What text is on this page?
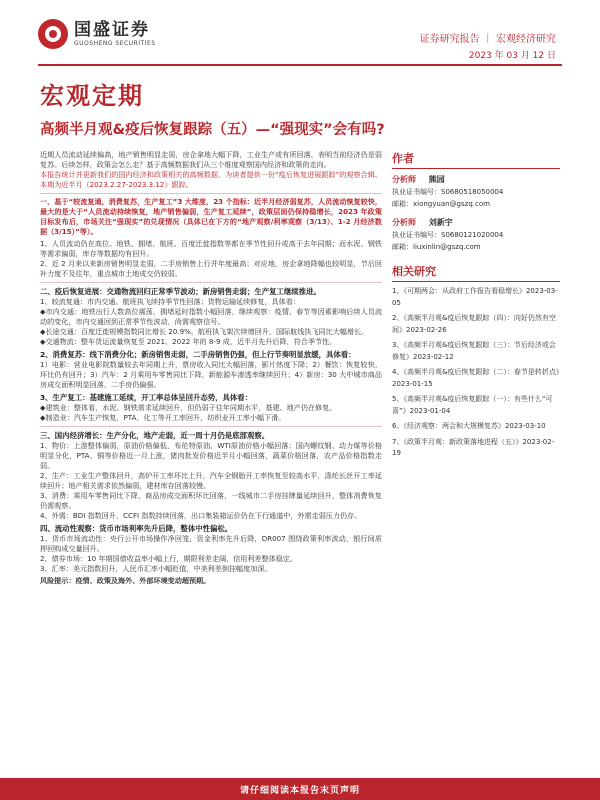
国盛证券
GUOSHENG SECURITIES	证券研究报告 ｜ 宏观经济研究
2023 年 03 月 12 日
宏观定期
高频半月观&疫后恢复跟踪（五）—“强现实”会有吗?
近期人员流动延续偏高，地产销售明显走弱，房企拿地大幅下降，工业生产或有所回落，表明当前经济仍是弱复苏。后续怎样，政策会怎么走？基于高频数据我们从三个维度观察国内经济和政策的走向。
本报告统计并更新我们的国内经济和政策相关的高频数据，为读者提供一份“疫后恢复进展跟踪”的观察合辑。本期为近半月（2023.2.27-2023.3.12）跟踪。
一、基于“较流复通，消费复苏，生产复工”3 大维度，23 个指标：近半月经济弱复苏，人员流动恢复较快，最大的是大于“人员流动持续恢复，地产销售偏弱，生产复工延续”，政策层面仍保持稳增长，2023 年政策目标发布后，市场关注“强现实”的兑现情况（具体已在下方的“地产观察/利率观察（3/13）、1-2 月经济数据（3/15）”等）。
1、人员流动仍在高位。地铁、拥堵、航班、百度迁徙指数等都在季节性回升或高于去年同期；而水泥、钢铁等需求偏弱，库存等数据均有回升。
2、近 2 月来以来新房销售明显走弱，二手房销售上行并年度最高；对应地，房企拿地降幅也较明显，节后回补力度不及往年，重点城市土地成交仍较弱。
二、疫后恢复进展：交通物流回归正常季节波动；新房销售走弱；生产复工继续推进。
1、较流复通：市内交通、航班执飞续持季节性回落；货物运输延续修复，具体看：
◆市内交通：地铁出行人数高位震荡，拥堵延时指数小幅回落，继续观察：疫情、春节等因素影响后续人员流动的变化，市内交通回到正常季节性波动，尚需观察信号。
◆长途交通：百度迁徙规模指数同比增长 20.9%，航班执飞架次续增回升，国际航线执飞同比大幅增长。
◆交通物流：整车货运流量恢复至 2021、2022 年的 8-9 成，近半月先升后降，符合季节性。
2、消费复苏：线下消费分化；新房销售走弱，二手房销售仍强，但上行节奏明显放缓，具体看：
1）电影：营业电影院数量较去年同期上升，票房收入同比大幅回落，影片热度下降；2）餐饮：恢复较快，环比仍有回升；3）汽车：2 月乘用车零售同比下降，新能源车渗透率继续回升；4）新房：30 大中城市商品房成交面积明显回落，二手房仍偏强。
3、生产复工：基建施工延续，开工率总体呈回升态势，具体看：
◆建筑业：整体看，水泥、钢铁需求延续回升，但仍弱于往年同期水平，基建、地产仍在修复。
◆制造业：汽车生产恢复，PTA、化工等开工率回升，纺织业开工率小幅下滑。
三、国内经济增长：生产分化，地产走弱，近一周十月仍是底部观察。
1、物价：上游整体偏弱，原油价格偏低，布伦特原油、WTI原油价格小幅回落；国内螺纹钢、动力煤等价格明显分化，PTA、铜等价格近一月上涨，猪肉批发价格近半月小幅回落，蔬菜价格回落，农产品价格指数走弱。
2、生产：工业生产整体回升，高炉开工率环比上升，汽车全钢胎开工率恢复至较高水平，涤纶长丝开工率延续回升；地产相关需求依然偏弱，建材库存回落较慢。
3、消费：乘用车零售同比下降，商品房成交面积环比回落，一线城市二手房挂牌量延续回升，整体消费恢复仍需观察。
4、外需：BDI 指数回升，CCFI 指数持续回落，出口集装箱运价仍在下行通道中，外需走弱压力仍存。
四、流动性观察：货币市场利率先升后降，整体中性偏松。
1、货币市场流动性：央行公开市场操作净回笼，资金利率先升后降，DR007 围绕政策利率波动，银行间质押回购成交量回升。
2、债券市场：10 年期国债收益率小幅上行，期限利差走阔，信用利差整体稳定。
3、汇率：美元指数回升，人民币汇率小幅贬值，中美利差倒挂幅度加深。
风险提示：疫情、政策及海外、外部环境变动超预期。
作者
分析师 熊园
执业证书编号：S0680518050004
邮箱：xiongyuan@gszq.com
分析师 刘新宇
执业证书编号：S0680121020004
邮箱：liuxinlin@gszq.com
相关研究
1、《可期两会：从政府工作报告看稳增长》2023-03-05
2、《高频半月观&疫后恢复跟踪（四）：向好仍然有空间》2023-02-26
3、《高频半月观&疫后恢复跟踪（三）：节后经济或会修复》2023-02-12
4、《高频半月观&疫后恢复跟踪（二）：春节是转折点》2023-01-15
5、《高频半月观&疫后恢复跟踪（一）：有些什么“可喜”》2023-01-04
6、《经济观察：两会和大规模复苏》2023-03-10
7、《政策半月观：新政策落地进程（五）》2023-02-19
请仔细阅读本报告末页声明
